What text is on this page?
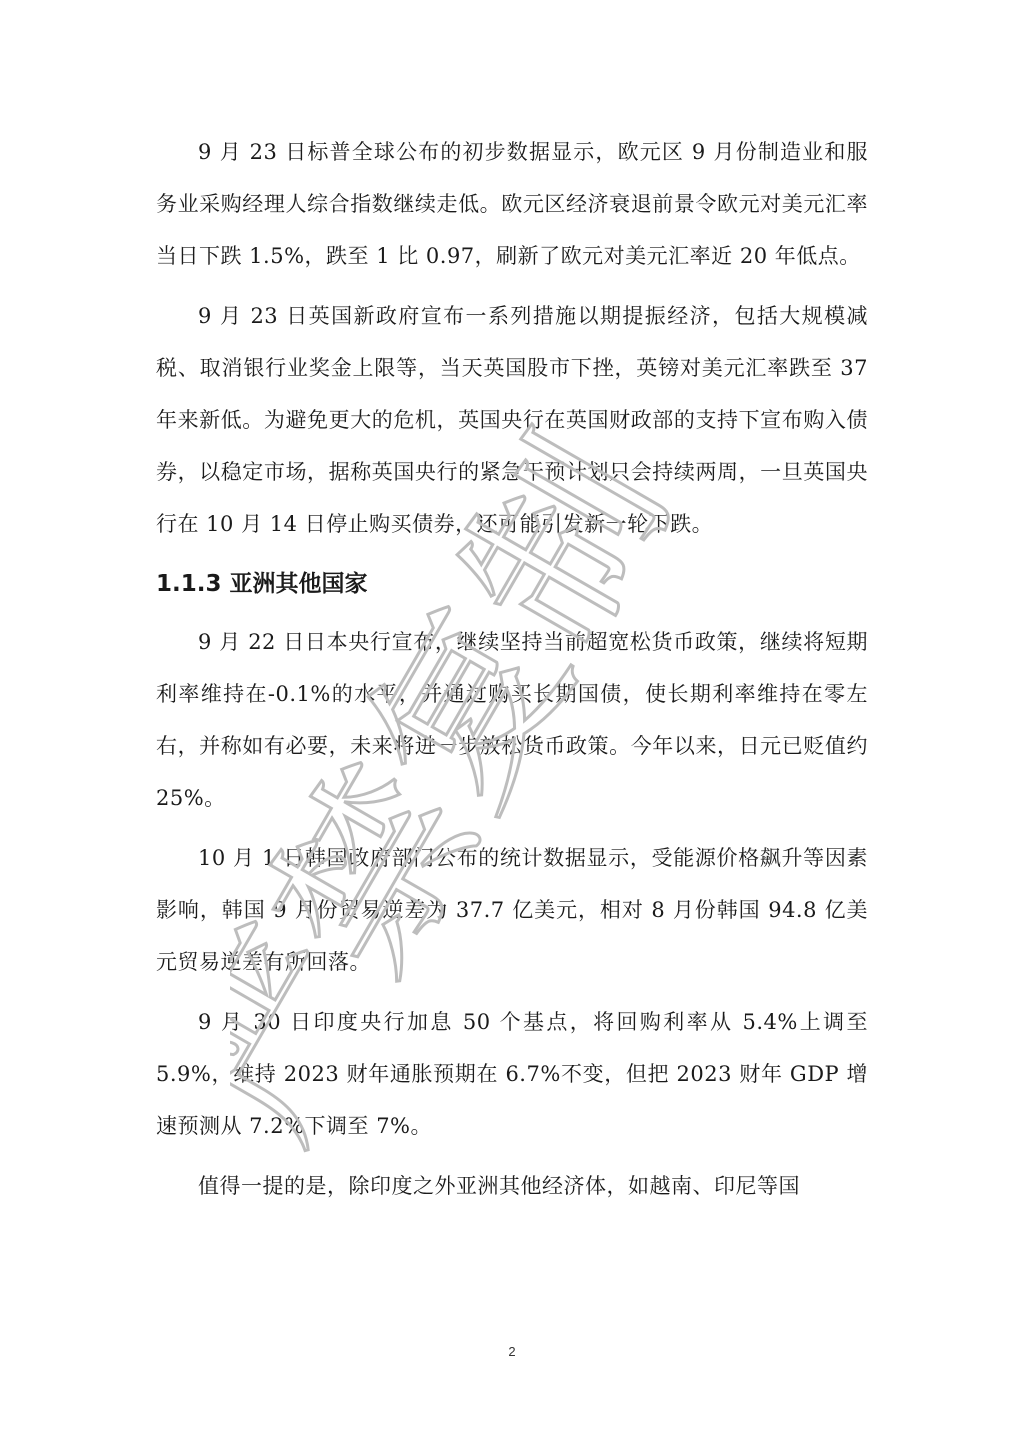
9 月 23 日标普全球公布的初步数据显示，欧元区 9 月份制造业和服务业采购经理人综合指数继续走低。欧元区经济衰退前景令欧元对美元汇率当日下跌 1.5%，跌至 1 比 0.97，刷新了欧元对美元汇率近 20 年低点。

9 月 23 日英国新政府宣布一系列措施以期提振经济，包括大规模减税、取消银行业奖金上限等，当天英国股市下挫，英镑对美元汇率跌至 37 年来新低。为避免更大的危机，英国央行在英国财政部的支持下宣布购入债券，以稳定市场，据称英国央行的紧急干预计划只会持续两周，一旦英国央行在 10 月 14 日停止购买债券，还可能引发新一轮下跌。

1.1.3 亚洲其他国家

9 月 22 日日本央行宣布，继续坚持当前超宽松货币政策，继续将短期利率维持在-0.1%的水平，并通过购买长期国债，使长期利率维持在零左右，并称如有必要，未来将进一步放松货币政策。今年以来，日元已贬值约 25%。

10 月 1 日韩国政府部门公布的统计数据显示，受能源价格飙升等因素影响，韩国 9 月份贸易逆差为 37.7 亿美元，相对 8 月份韩国 94.8 亿美元贸易逆差有所回落。

9 月 30 日印度央行加息 50 个基点，将回购利率从 5.4%上调至 5.9%，维持 2023 财年通胀预期在 6.7%不变，但把 2023 财年 GDP 增速预测从 7.2%下调至 7%。

值得一提的是，除印度之外亚洲其他经济体，如越南、印尼等国

严禁复制
2
